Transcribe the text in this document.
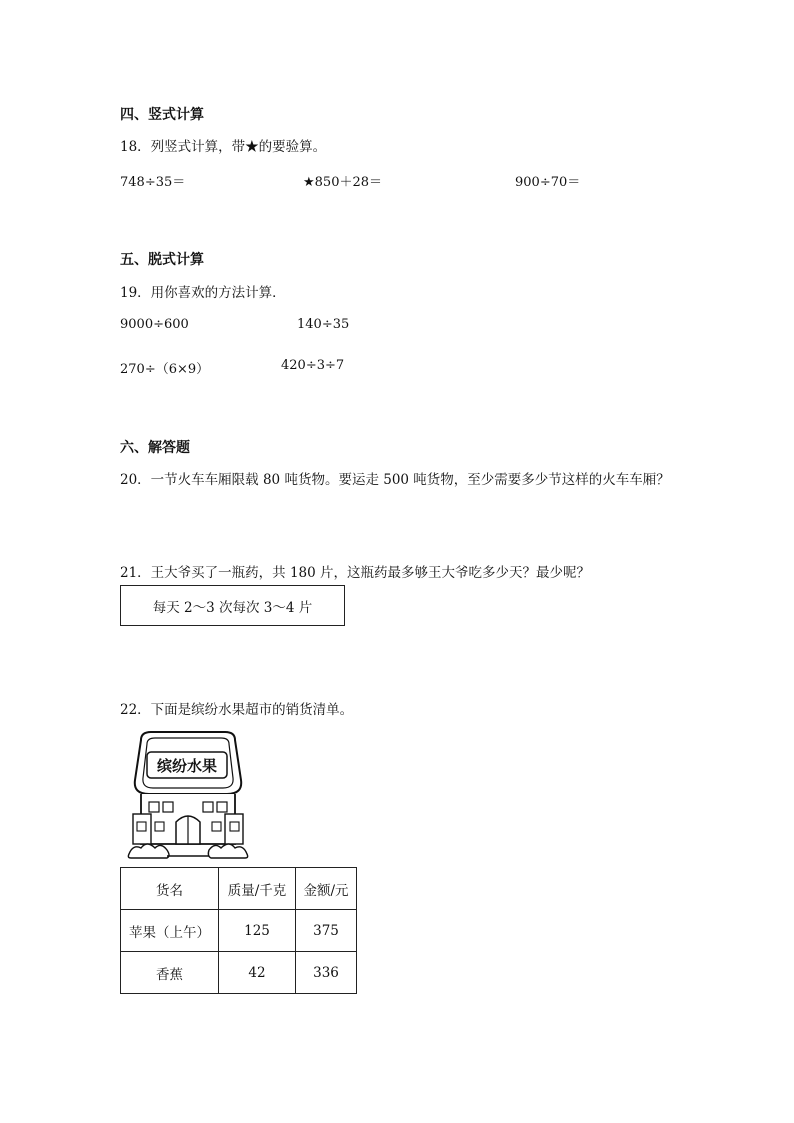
四、竖式计算
18．列竖式计算，带★的要验算。
748÷35＝	★850＋28＝	900÷70＝
五、脱式计算
19．用你喜欢的方法计算．
9000÷600	140÷35
270÷（6×9）	420÷3÷7
六、解答题
20．一节火车车厢限载 80 吨货物。要运走 500 吨货物，至少需要多少节这样的火车车厢？
21．王大爷买了一瓶药，共 180 片，这瓶药最多够王大爷吃多少天？最少呢？
每天 2～3 次每次 3～4 片
22．下面是缤纷水果超市的销货清单。
缤纷水果
货名	质量/千克	金额/元
苹果（上午）	125	375
香蕉	42	336
